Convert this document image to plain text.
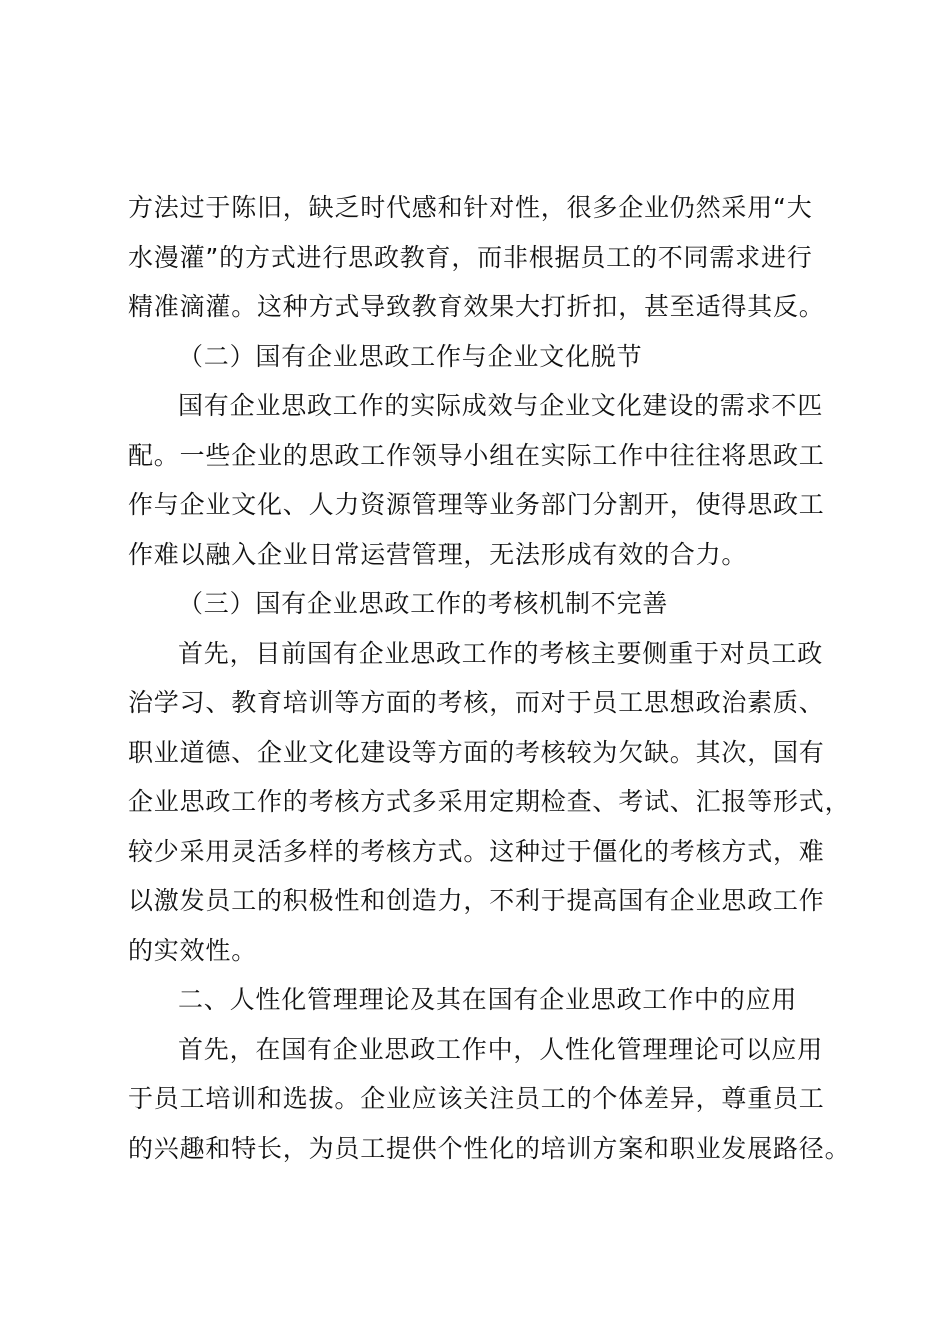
方法过于陈旧，缺乏时代感和针对性，很多企业仍然采用“大
水漫灌”的方式进行思政教育，而非根据员工的不同需求进行
精准滴灌。这种方式导致教育效果大打折扣，甚至适得其反。
（二）国有企业思政工作与企业文化脱节
国有企业思政工作的实际成效与企业文化建设的需求不匹
配。一些企业的思政工作领导小组在实际工作中往往将思政工
作与企业文化、人力资源管理等业务部门分割开，使得思政工
作难以融入企业日常运营管理，无法形成有效的合力。
（三）国有企业思政工作的考核机制不完善
首先，目前国有企业思政工作的考核主要侧重于对员工政
治学习、教育培训等方面的考核，而对于员工思想政治素质、
职业道德、企业文化建设等方面的考核较为欠缺。其次，国有
企业思政工作的考核方式多采用定期检查、考试、汇报等形式，
较少采用灵活多样的考核方式。这种过于僵化的考核方式，难
以激发员工的积极性和创造力，不利于提高国有企业思政工作
的实效性。
二、人性化管理理论及其在国有企业思政工作中的应用
首先，在国有企业思政工作中，人性化管理理论可以应用
于员工培训和选拔。企业应该关注员工的个体差异，尊重员工
的兴趣和特长，为员工提供个性化的培训方案和职业发展路径。
